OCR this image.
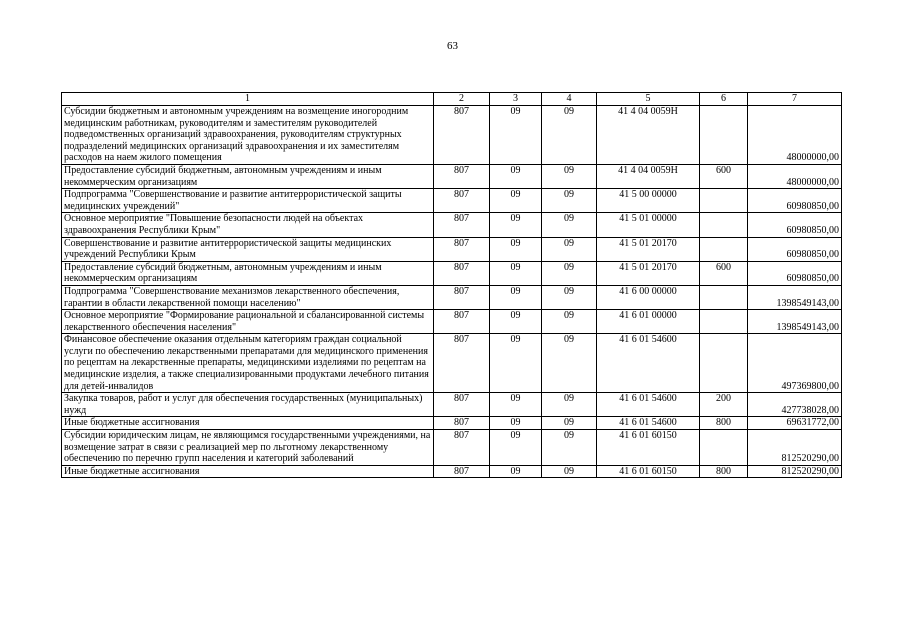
63
1	2	3	4	5	6	7
Субсидии бюджетным и автономным учреждениям на возмещение иногородним медицинским работникам, руководителям и заместителям руководителей подведомственных организаций здравоохранения, руководителям структурных подразделений медицинских организаций здравоохранения и их заместителям расходов на наем жилого помещения	807	09	09	41 4 04 0059Н		48000000,00
Предоставление субсидий бюджетным, автономным учреждениям и иным некоммерческим организациям	807	09	09	41 4 04 0059Н	600	48000000,00
Подпрограмма "Совершенствование и развитие антитеррористической защиты медицинских учреждений"	807	09	09	41 5 00 00000		60980850,00
Основное мероприятие "Повышение безопасности людей на объектах здравоохранения Республики Крым"	807	09	09	41 5 01 00000		60980850,00
Совершенствование и развитие антитеррористической защиты медицинских учреждений Республики Крым	807	09	09	41 5 01 20170		60980850,00
Предоставление субсидий бюджетным, автономным учреждениям и иным некоммерческим организациям	807	09	09	41 5 01 20170	600	60980850,00
Подпрограмма "Совершенствование механизмов лекарственного обеспечения, гарантии в области лекарственной помощи населению"	807	09	09	41 6 00 00000		1398549143,00
Основное мероприятие "Формирование рациональной и сбалансированной системы лекарственного обеспечения населения"	807	09	09	41 6 01 00000		1398549143,00
Финансовое обеспечение оказания отдельным категориям граждан социальной услуги по обеспечению лекарственными препаратами для медицинского применения по рецептам на лекарственные препараты, медицинскими изделиями по рецептам на медицинские изделия, а также специализированными продуктами лечебного питания для детей-инвалидов	807	09	09	41 6 01 54600		497369800,00
Закупка товаров, работ и услуг для обеспечения государственных (муниципальных) нужд	807	09	09	41 6 01 54600	200	427738028,00
Иные бюджетные ассигнования	807	09	09	41 6 01 54600	800	69631772,00
Субсидии юридическим лицам, не являющимся государственными учреждениями, на возмещение затрат в связи с реализацией мер по льготному лекарственному обеспечению по перечню групп населения и категорий заболеваний	807	09	09	41 6 01 60150		812520290,00
Иные бюджетные ассигнования	807	09	09	41 6 01 60150	800	812520290,00
